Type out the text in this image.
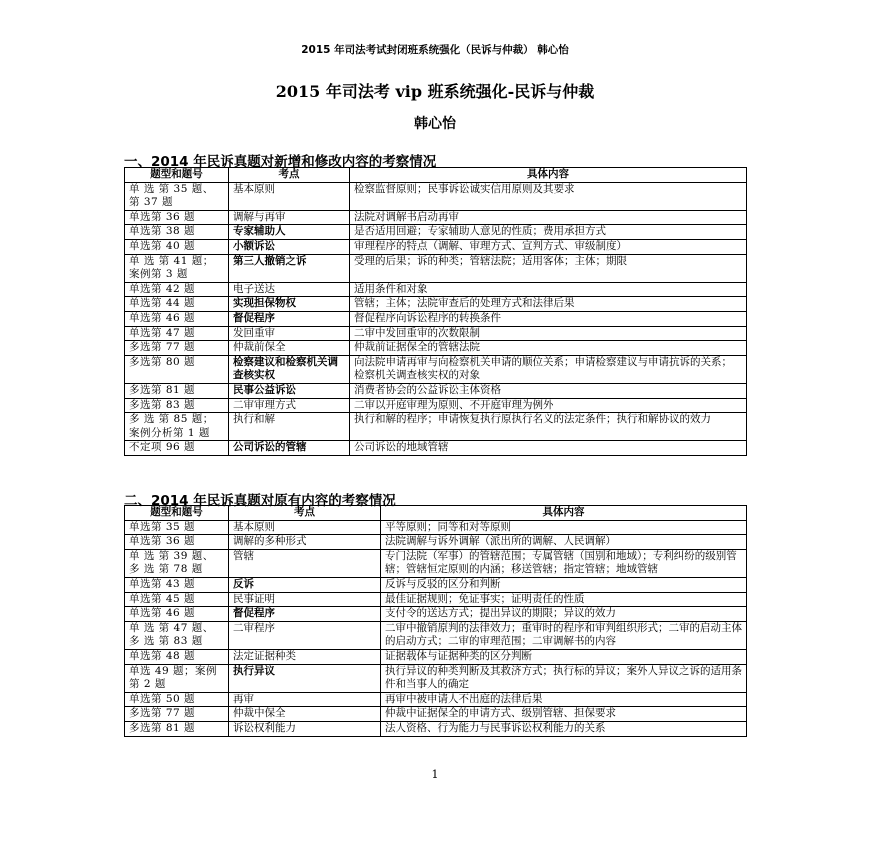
2015 年司法考试封闭班系统强化（民诉与仲裁） 韩心怡
2015 年司法考 vip 班系统强化-民诉与仲裁
韩心怡
一、2014 年民诉真题对新增和修改内容的考察情况
题型和题号	考点	具体内容
单 选 第 35 题、第 37 题	基本原则	检察监督原则；民事诉讼诚实信用原则及其要求
单选第 36 题	调解与再审	法院对调解书启动再审
单选第 38 题	专家辅助人	是否适用回避；专家辅助人意见的性质；费用承担方式
单选第 40 题	小额诉讼	审理程序的特点（调解、审理方式、宣判方式、审级制度）
单 选 第 41 题；案例第 3 题	第三人撤销之诉	受理的后果；诉的种类；管辖法院；适用客体；主体；期限
单选第 42 题	电子送达	适用条件和对象
单选第 44 题	实现担保物权	管辖；主体；法院审查后的处理方式和法律后果
单选第 46 题	督促程序	督促程序向诉讼程序的转换条件
单选第 47 题	发回重审	二审中发回重审的次数限制
多选第 77 题	仲裁前保全	仲裁前证据保全的管辖法院
多选第 80 题	检察建议和检察机关调查核实权	向法院申请再审与向检察机关申请的顺位关系；申请检察建议与申请抗诉的关系；检察机关调查核实权的对象
多选第 81 题	民事公益诉讼	消费者协会的公益诉讼主体资格
多选第 83 题	二审审理方式	二审以开庭审理为原则、不开庭审理为例外
多 选 第 85 题；案例分析第 1 题	执行和解	执行和解的程序；申请恢复执行原执行名义的法定条件；执行和解协议的效力
不定项 96 题	公司诉讼的管辖	公司诉讼的地域管辖
二、2014 年民诉真题对原有内容的考察情况
题型和题号	考点	具体内容
单选第 35 题	基本原则	平等原则；同等和对等原则
单选第 36 题	调解的多种形式	法院调解与诉外调解（派出所的调解、人民调解）
单 选 第 39 题、多 选 第 78 题	管辖	专门法院（军事）的管辖范围；专属管辖（国别和地域）；专利纠纷的级别管辖；管辖恒定原则的内涵；移送管辖；指定管辖；地域管辖
单选第 43 题	反诉	反诉与反驳的区分和判断
单选第 45 题	民事证明	最佳证据规则；免证事实；证明责任的性质
单选第 46 题	督促程序	支付令的送达方式；提出异议的期限；异议的效力
单 选 第 47 题、多 选 第 83 题	二审程序	二审中撤销原判的法律效力；重审时的程序和审判组织形式；二审的启动主体的启动方式；二审的审理范围；二审调解书的内容
单选第 48 题	法定证据种类	证据载体与证据种类的区分判断
单选 49 题；案例第 2 题	执行异议	执行异议的种类判断及其救济方式；执行标的异议；案外人异议之诉的适用条件和当事人的确定
单选第 50 题	再审	再审中被申请人不出庭的法律后果
多选第 77 题	仲裁中保全	仲裁中证据保全的申请方式、级别管辖、担保要求
多选第 81 题	诉讼权利能力	法人资格、行为能力与民事诉讼权利能力的关系
1
